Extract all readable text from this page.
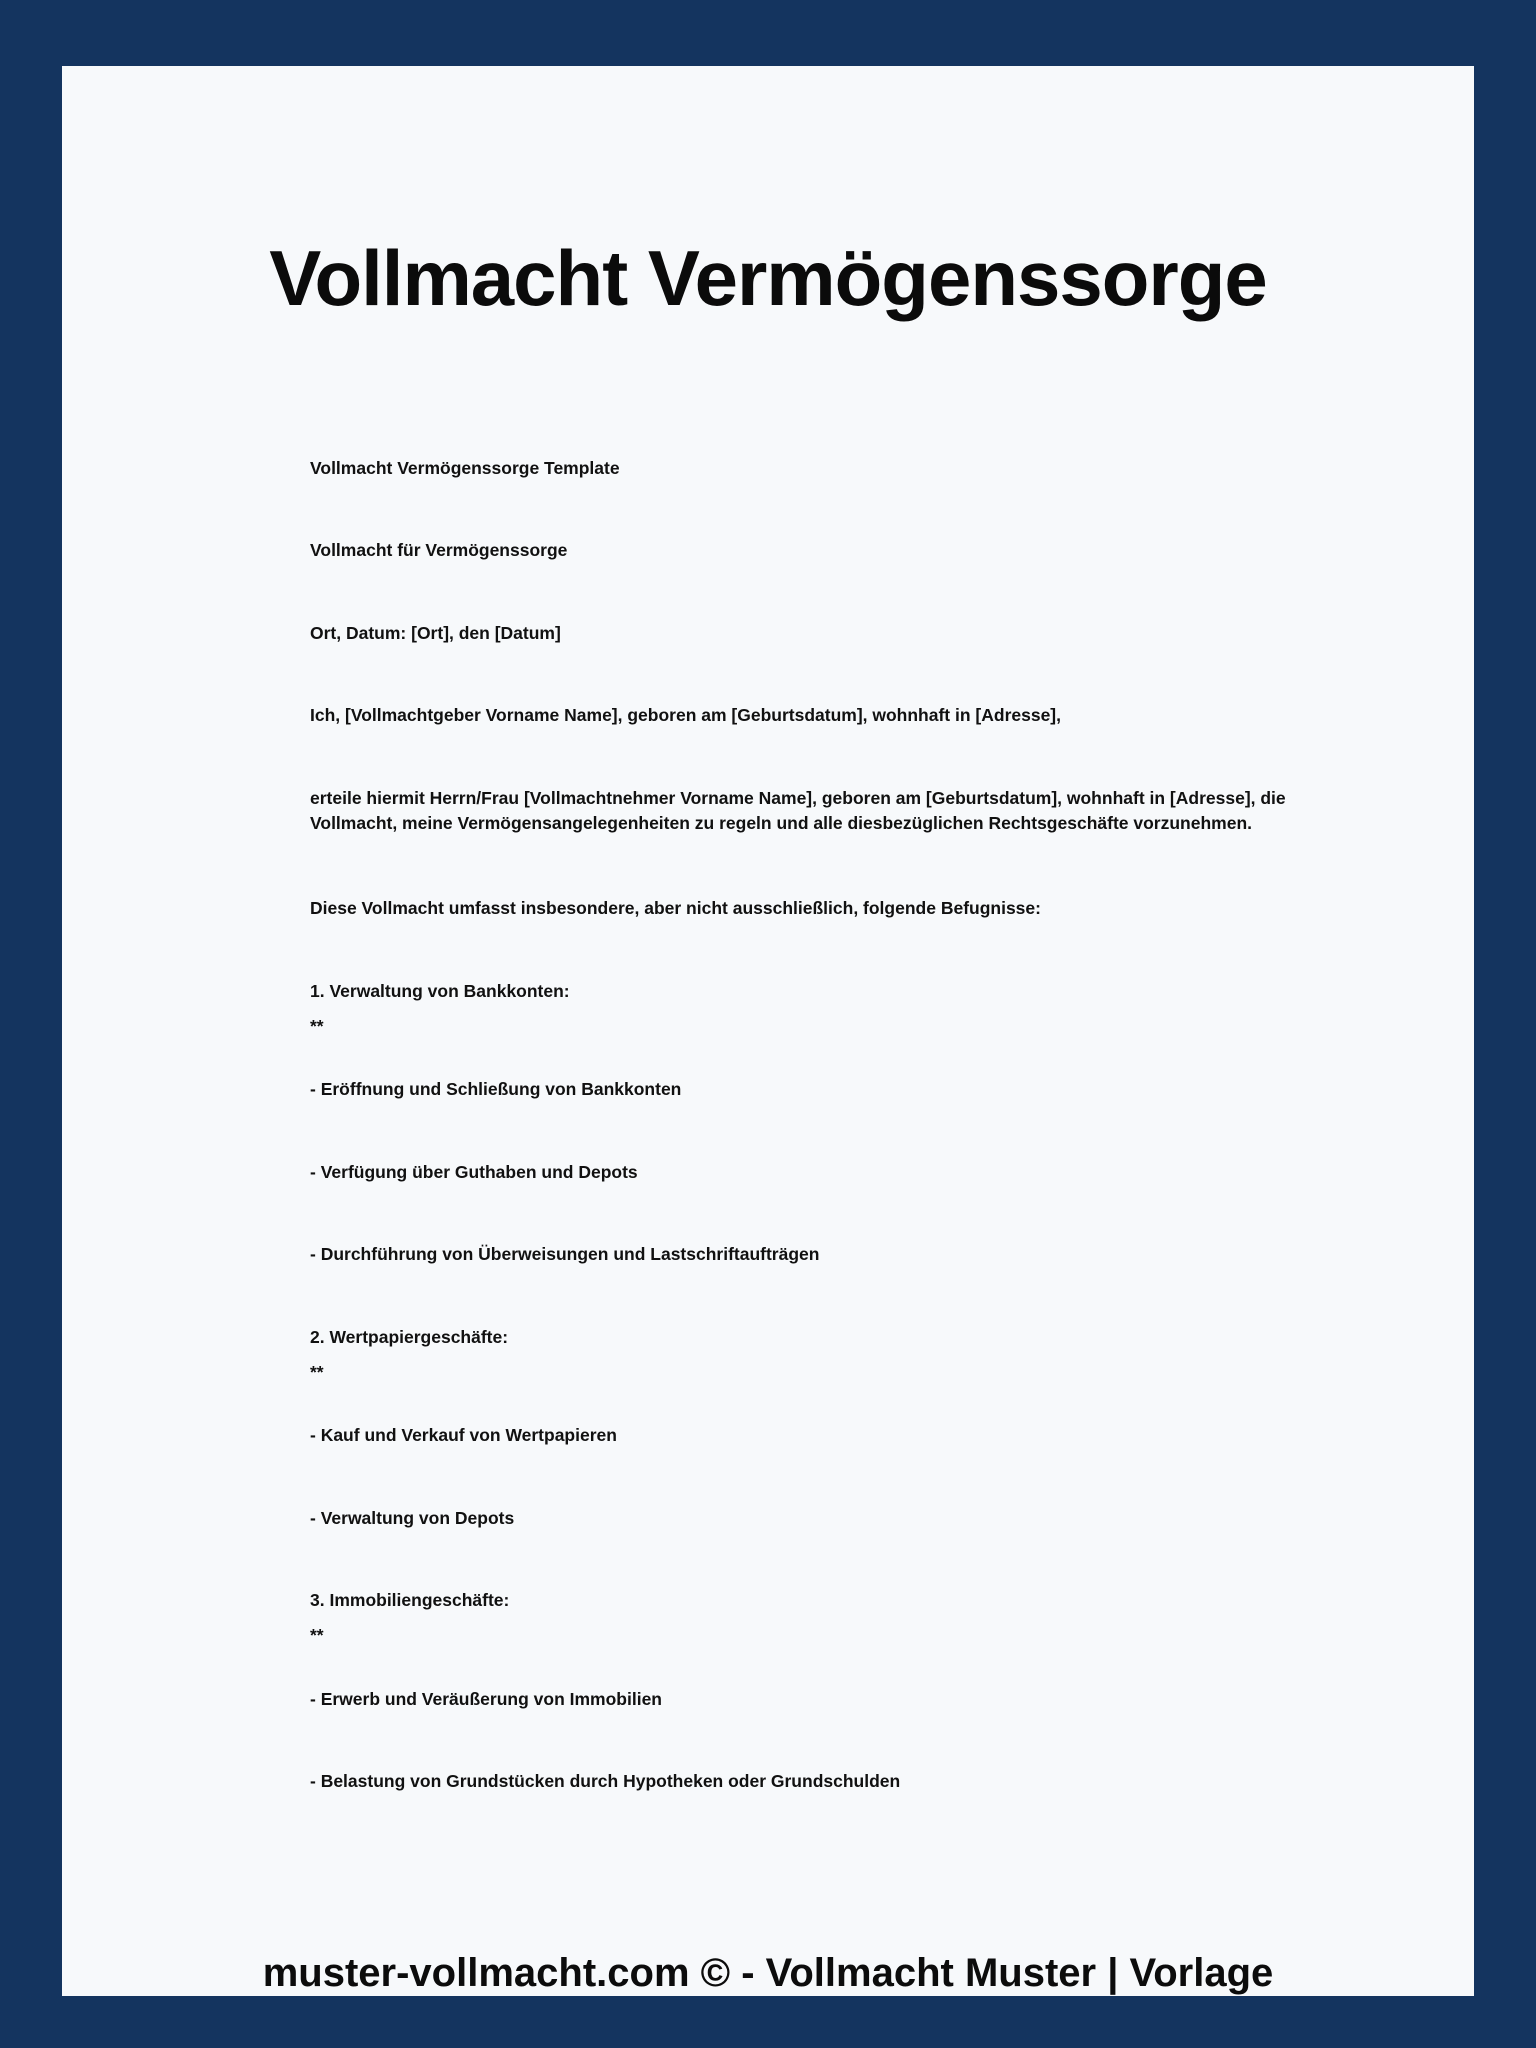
Vollmacht Vermögenssorge

Vollmacht Vermögenssorge Template

Vollmacht für Vermögenssorge

Ort, Datum: [Ort], den [Datum]

Ich, [Vollmachtgeber Vorname Name], geboren am [Geburtsdatum], wohnhaft in [Adresse],

erteile hiermit Herrn/Frau [Vollmachtnehmer Vorname Name], geboren am [Geburtsdatum], wohnhaft in [Adresse], die Vollmacht, meine Vermögensangelegenheiten zu regeln und alle diesbezüglichen Rechtsgeschäfte vorzunehmen.

Diese Vollmacht umfasst insbesondere, aber nicht ausschließlich, folgende Befugnisse:

1. Verwaltung von Bankkonten:

**

- Eröffnung und Schließung von Bankkonten

- Verfügung über Guthaben und Depots

- Durchführung von Überweisungen und Lastschriftaufträgen

2. Wertpapiergeschäfte:

**

- Kauf und Verkauf von Wertpapieren

- Verwaltung von Depots

3. Immobiliengeschäfte:

**

- Erwerb und Veräußerung von Immobilien

- Belastung von Grundstücken durch Hypotheken oder Grundschulden

muster-vollmacht.com © - Vollmacht Muster | Vorlage
